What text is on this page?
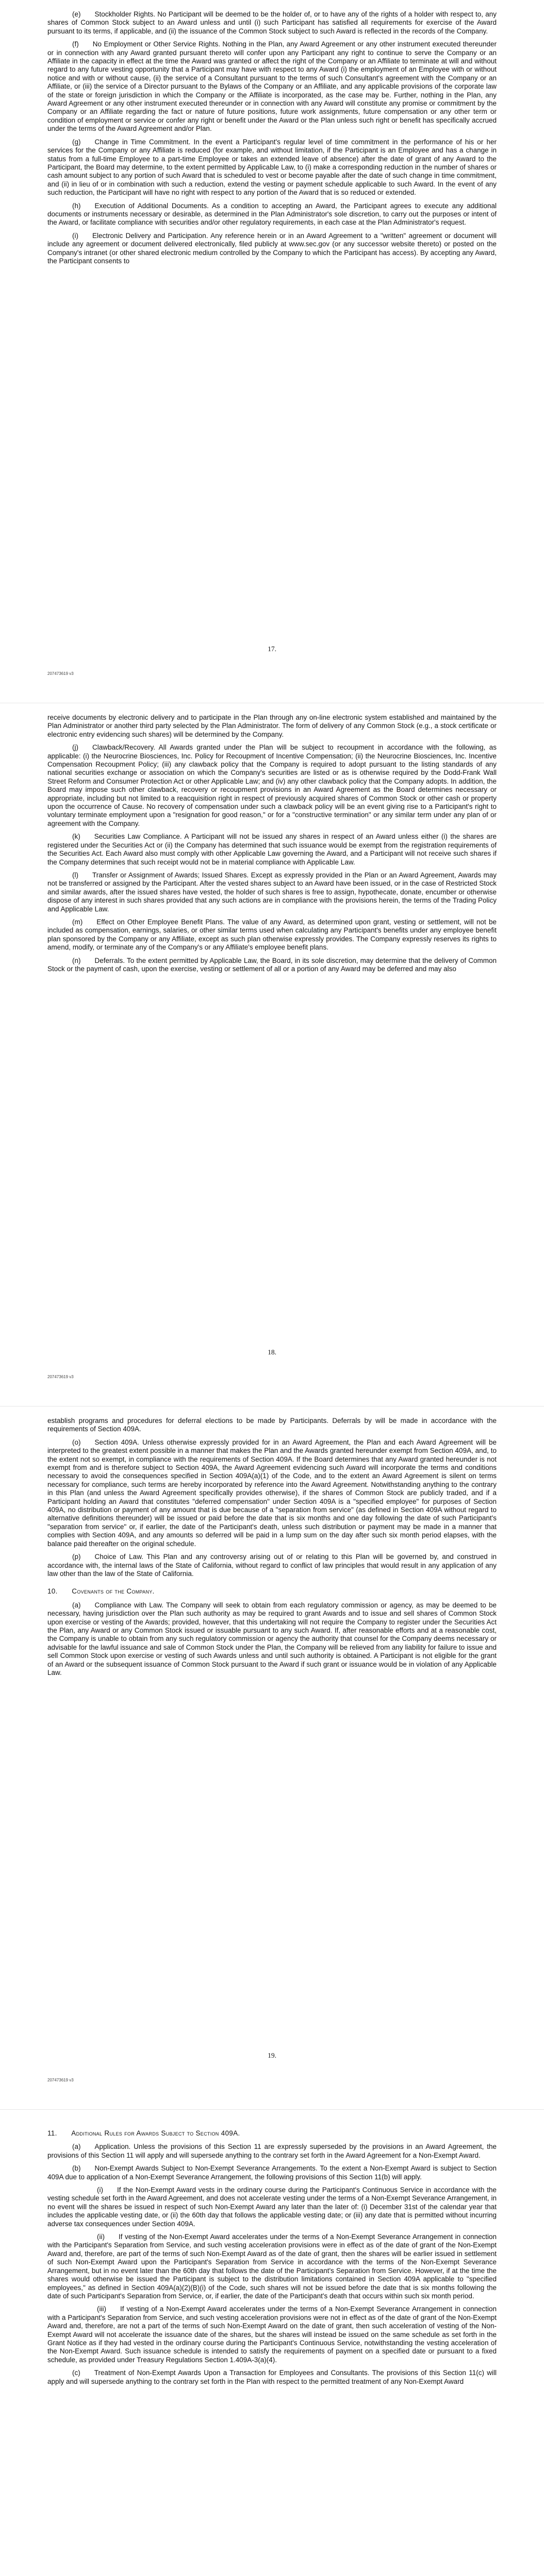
(e)  Stockholder Rights. No Participant will be deemed to be the holder of, or to have any of the rights of a holder with respect to, any shares of Common Stock subject to an Award unless and until (i) such Participant has satisfied all requirements for exercise of the Award pursuant to its terms, if applicable, and (ii) the issuance of the Common Stock subject to such Award is reflected in the records of the Company.

(f)  No Employment or Other Service Rights. Nothing in the Plan, any Award Agreement or any other instrument executed thereunder or in connection with any Award granted pursuant thereto will confer upon any Participant any right to continue to serve the Company or an Affiliate in the capacity in effect at the time the Award was granted or affect the right of the Company or an Affiliate to terminate at will and without regard to any future vesting opportunity that a Participant may have with respect to any Award (i) the employment of an Employee with or without notice and with or without cause, (ii) the service of a Consultant pursuant to the terms of such Consultant's agreement with the Company or an Affiliate, or (iii) the service of a Director pursuant to the Bylaws of the Company or an Affiliate, and any applicable provisions of the corporate law of the state or foreign jurisdiction in which the Company or the Affiliate is incorporated, as the case may be. Further, nothing in the Plan, any Award Agreement or any other instrument executed thereunder or in connection with any Award will constitute any promise or commitment by the Company or an Affiliate regarding the fact or nature of future positions, future work assignments, future compensation or any other term or condition of employment or service or confer any right or benefit under the Award or the Plan unless such right or benefit has specifically accrued under the terms of the Award Agreement and/or Plan.

(g)  Change in Time Commitment. In the event a Participant's regular level of time commitment in the performance of his or her services for the Company or any Affiliate is reduced (for example, and without limitation, if the Participant is an Employee and has a change in status from a full-time Employee to a part-time Employee or takes an extended leave of absence) after the date of grant of any Award to the Participant, the Board may determine, to the extent permitted by Applicable Law, to (i) make a corresponding reduction in the number of shares or cash amount subject to any portion of such Award that is scheduled to vest or become payable after the date of such change in time commitment, and (ii) in lieu of or in combination with such a reduction, extend the vesting or payment schedule applicable to such Award. In the event of any such reduction, the Participant will have no right with respect to any portion of the Award that is so reduced or extended.

(h)  Execution of Additional Documents. As a condition to accepting an Award, the Participant agrees to execute any additional documents or instruments necessary or desirable, as determined in the Plan Administrator's sole discretion, to carry out the purposes or intent of the Award, or facilitate compliance with securities and/or other regulatory requirements, in each case at the Plan Administrator's request.

(i)  Electronic Delivery and Participation. Any reference herein or in an Award Agreement to a "written" agreement or document will include any agreement or document delivered electronically, filed publicly at www.sec.gov (or any successor website thereto) or posted on the Company's intranet (or other shared electronic medium controlled by the Company to which the Participant has access). By accepting any Award, the Participant consents to

17.
207473619 v3

receive documents by electronic delivery and to participate in the Plan through any on-line electronic system established and maintained by the Plan Administrator or another third party selected by the Plan Administrator. The form of delivery of any Common Stock (e.g., a stock certificate or electronic entry evidencing such shares) will be determined by the Company.

(j)  Clawback/Recovery. All Awards granted under the Plan will be subject to recoupment in accordance with the following, as applicable: (i) the Neurocrine Biosciences, Inc. Policy for Recoupment of Incentive Compensation; (ii) the Neurocrine Biosciences, Inc. Incentive Compensation Recoupment Policy; (iii) any clawback policy that the Company is required to adopt pursuant to the listing standards of any national securities exchange or association on which the Company's securities are listed or as is otherwise required by the Dodd-Frank Wall Street Reform and Consumer Protection Act or other Applicable Law; and (iv) any other clawback policy that the Company adopts. In addition, the Board may impose such other clawback, recovery or recoupment provisions in an Award Agreement as the Board determines necessary or appropriate, including but not limited to a reacquisition right in respect of previously acquired shares of Common Stock or other cash or property upon the occurrence of Cause. No recovery of compensation under such a clawback policy will be an event giving rise to a Participant's right to voluntary terminate employment upon a "resignation for good reason," or for a "constructive termination" or any similar term under any plan of or agreement with the Company.

(k)  Securities Law Compliance. A Participant will not be issued any shares in respect of an Award unless either (i) the shares are registered under the Securities Act or (ii) the Company has determined that such issuance would be exempt from the registration requirements of the Securities Act. Each Award also must comply with other Applicable Law governing the Award, and a Participant will not receive such shares if the Company determines that such receipt would not be in material compliance with Applicable Law.

(l)  Transfer or Assignment of Awards; Issued Shares. Except as expressly provided in the Plan or an Award Agreement, Awards may not be transferred or assigned by the Participant. After the vested shares subject to an Award have been issued, or in the case of Restricted Stock and similar awards, after the issued shares have vested, the holder of such shares is free to assign, hypothecate, donate, encumber or otherwise dispose of any interest in such shares provided that any such actions are in compliance with the provisions herein, the terms of the Trading Policy and Applicable Law.

(m)  Effect on Other Employee Benefit Plans. The value of any Award, as determined upon grant, vesting or settlement, will not be included as compensation, earnings, salaries, or other similar terms used when calculating any Participant's benefits under any employee benefit plan sponsored by the Company or any Affiliate, except as such plan otherwise expressly provides. The Company expressly reserves its rights to amend, modify, or terminate any of the Company's or any Affiliate's employee benefit plans.

(n)  Deferrals. To the extent permitted by Applicable Law, the Board, in its sole discretion, may determine that the delivery of Common Stock or the payment of cash, upon the exercise, vesting or settlement of all or a portion of any Award may be deferred and may also

18.
207473619 v3

establish programs and procedures for deferral elections to be made by Participants. Deferrals by will be made in accordance with the requirements of Section 409A.

(o)  Section 409A. Unless otherwise expressly provided for in an Award Agreement, the Plan and each Award Agreement will be interpreted to the greatest extent possible in a manner that makes the Plan and the Awards granted hereunder exempt from Section 409A, and, to the extent not so exempt, in compliance with the requirements of Section 409A. If the Board determines that any Award granted hereunder is not exempt from and is therefore subject to Section 409A, the Award Agreement evidencing such Award will incorporate the terms and conditions necessary to avoid the consequences specified in Section 409A(a)(1) of the Code, and to the extent an Award Agreement is silent on terms necessary for compliance, such terms are hereby incorporated by reference into the Award Agreement. Notwithstanding anything to the contrary in this Plan (and unless the Award Agreement specifically provides otherwise), if the shares of Common Stock are publicly traded, and if a Participant holding an Award that constitutes "deferred compensation" under Section 409A is a "specified employee" for purposes of Section 409A, no distribution or payment of any amount that is due because of a "separation from service" (as defined in Section 409A without regard to alternative definitions thereunder) will be issued or paid before the date that is six months and one day following the date of such Participant's "separation from service" or, if earlier, the date of the Participant's death, unless such distribution or payment may be made in a manner that complies with Section 409A, and any amounts so deferred will be paid in a lump sum on the day after such six month period elapses, with the balance paid thereafter on the original schedule.

(p)  Choice of Law. This Plan and any controversy arising out of or relating to this Plan will be governed by, and construed in accordance with, the internal laws of the State of California, without regard to conflict of law principles that would result in any application of any law other than the law of the State of California.

10.  Covenants of the Company.

(a)  Compliance with Law. The Company will seek to obtain from each regulatory commission or agency, as may be deemed to be necessary, having jurisdiction over the Plan such authority as may be required to grant Awards and to issue and sell shares of Common Stock upon exercise or vesting of the Awards; provided, however, that this undertaking will not require the Company to register under the Securities Act the Plan, any Award or any Common Stock issued or issuable pursuant to any such Award. If, after reasonable efforts and at a reasonable cost, the Company is unable to obtain from any such regulatory commission or agency the authority that counsel for the Company deems necessary or advisable for the lawful issuance and sale of Common Stock under the Plan, the Company will be relieved from any liability for failure to issue and sell Common Stock upon exercise or vesting of such Awards unless and until such authority is obtained. A Participant is not eligible for the grant of an Award or the subsequent issuance of Common Stock pursuant to the Award if such grant or issuance would be in violation of any Applicable Law.

19.
207473619 v3

11.  Additional Rules for Awards Subject to Section 409A.

(a)  Application. Unless the provisions of this Section 11 are expressly superseded by the provisions in an Award Agreement, the provisions of this Section 11 will apply and will supersede anything to the contrary set forth in the Award Agreement for a Non-Exempt Award.

(b)  Non-Exempt Awards Subject to Non-Exempt Severance Arrangements. To the extent a Non-Exempt Award is subject to Section 409A due to application of a Non-Exempt Severance Arrangement, the following provisions of this Section 11(b) will apply.

(i)  If the Non-Exempt Award vests in the ordinary course during the Participant's Continuous Service in accordance with the vesting schedule set forth in the Award Agreement, and does not accelerate vesting under the terms of a Non-Exempt Severance Arrangement, in no event will the shares be issued in respect of such Non-Exempt Award any later than the later of: (i) December 31st of the calendar year that includes the applicable vesting date, or (ii) the 60th day that follows the applicable vesting date; or (iii) any date that is permitted without incurring adverse tax consequences under Section 409A.

(ii)  If vesting of the Non-Exempt Award accelerates under the terms of a Non-Exempt Severance Arrangement in connection with the Participant's Separation from Service, and such vesting acceleration provisions were in effect as of the date of grant of the Non-Exempt Award and, therefore, are part of the terms of such Non-Exempt Award as of the date of grant, then the shares will be earlier issued in settlement of such Non-Exempt Award upon the Participant's Separation from Service in accordance with the terms of the Non-Exempt Severance Arrangement, but in no event later than the 60th day that follows the date of the Participant's Separation from Service. However, if at the time the shares would otherwise be issued the Participant is subject to the distribution limitations contained in Section 409A applicable to "specified employees," as defined in Section 409A(a)(2)(B)(i) of the Code, such shares will not be issued before the date that is six months following the date of such Participant's Separation from Service, or, if earlier, the date of the Participant's death that occurs within such six month period.

(iii)  If vesting of a Non-Exempt Award accelerates under the terms of a Non-Exempt Severance Arrangement in connection with a Participant's Separation from Service, and such vesting acceleration provisions were not in effect as of the date of grant of the Non-Exempt Award and, therefore, are not a part of the terms of such Non-Exempt Award on the date of grant, then such acceleration of vesting of the Non-Exempt Award will not accelerate the issuance date of the shares, but the shares will instead be issued on the same schedule as set forth in the Grant Notice as if they had vested in the ordinary course during the Participant's Continuous Service, notwithstanding the vesting acceleration of the Non-Exempt Award. Such issuance schedule is intended to satisfy the requirements of payment on a specified date or pursuant to a fixed schedule, as provided under Treasury Regulations Section 1.409A-3(a)(4).

(c)  Treatment of Non-Exempt Awards Upon a Transaction for Employees and Consultants. The provisions of this Section 11(c) will apply and will supersede anything to the contrary set forth in the Plan with respect to the permitted treatment of any Non-Exempt Award
